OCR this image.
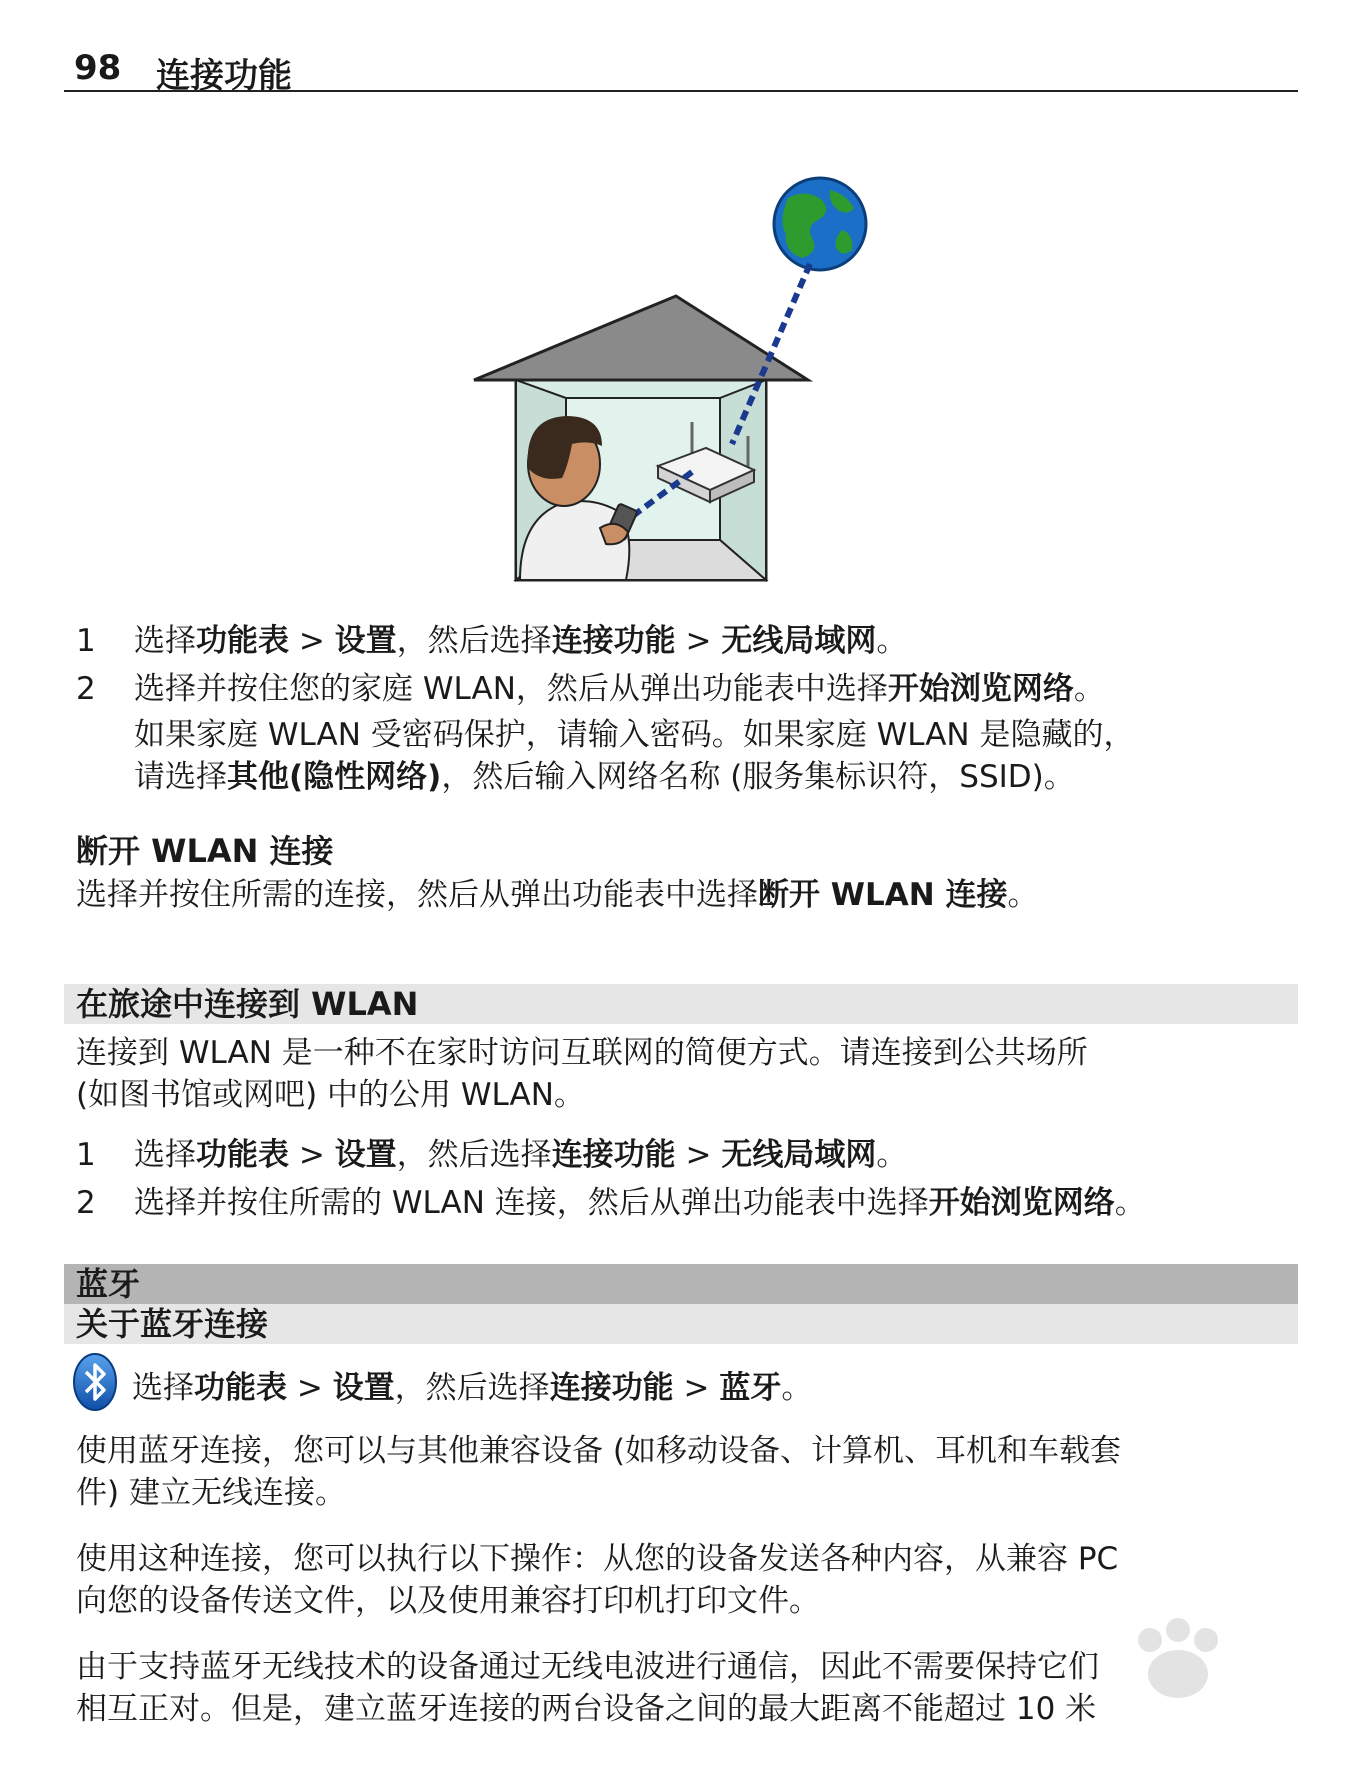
98 连接功能
1	选择功能表 > 设置，然后选择连接功能 > 无线局域网。
2	选择并按住您的家庭 WLAN，然后从弹出功能表中选择开始浏览网络。
如果家庭 WLAN 受密码保护，请输入密码。如果家庭 WLAN 是隐藏的，
请选择其他(隐性网络)，然后输入网络名称 (服务集标识符，SSID)。
断开 WLAN 连接
选择并按住所需的连接，然后从弹出功能表中选择断开 WLAN 连接。
在旅途中连接到 WLAN
连接到 WLAN 是一种不在家时访问互联网的简便方式。请连接到公共场所
(如图书馆或网吧) 中的公用 WLAN。
1	选择功能表 > 设置，然后选择连接功能 > 无线局域网。
2	选择并按住所需的 WLAN 连接，然后从弹出功能表中选择开始浏览网络。
蓝牙
关于蓝牙连接
选择功能表 > 设置，然后选择连接功能 > 蓝牙。
使用蓝牙连接，您可以与其他兼容设备 (如移动设备、计算机、耳机和车载套
件) 建立无线连接。
使用这种连接，您可以执行以下操作：从您的设备发送各种内容，从兼容 PC
向您的设备传送文件，以及使用兼容打印机打印文件。
由于支持蓝牙无线技术的设备通过无线电波进行通信，因此不需要保持它们
相互正对。但是，建立蓝牙连接的两台设备之间的最大距离不能超过 10 米
